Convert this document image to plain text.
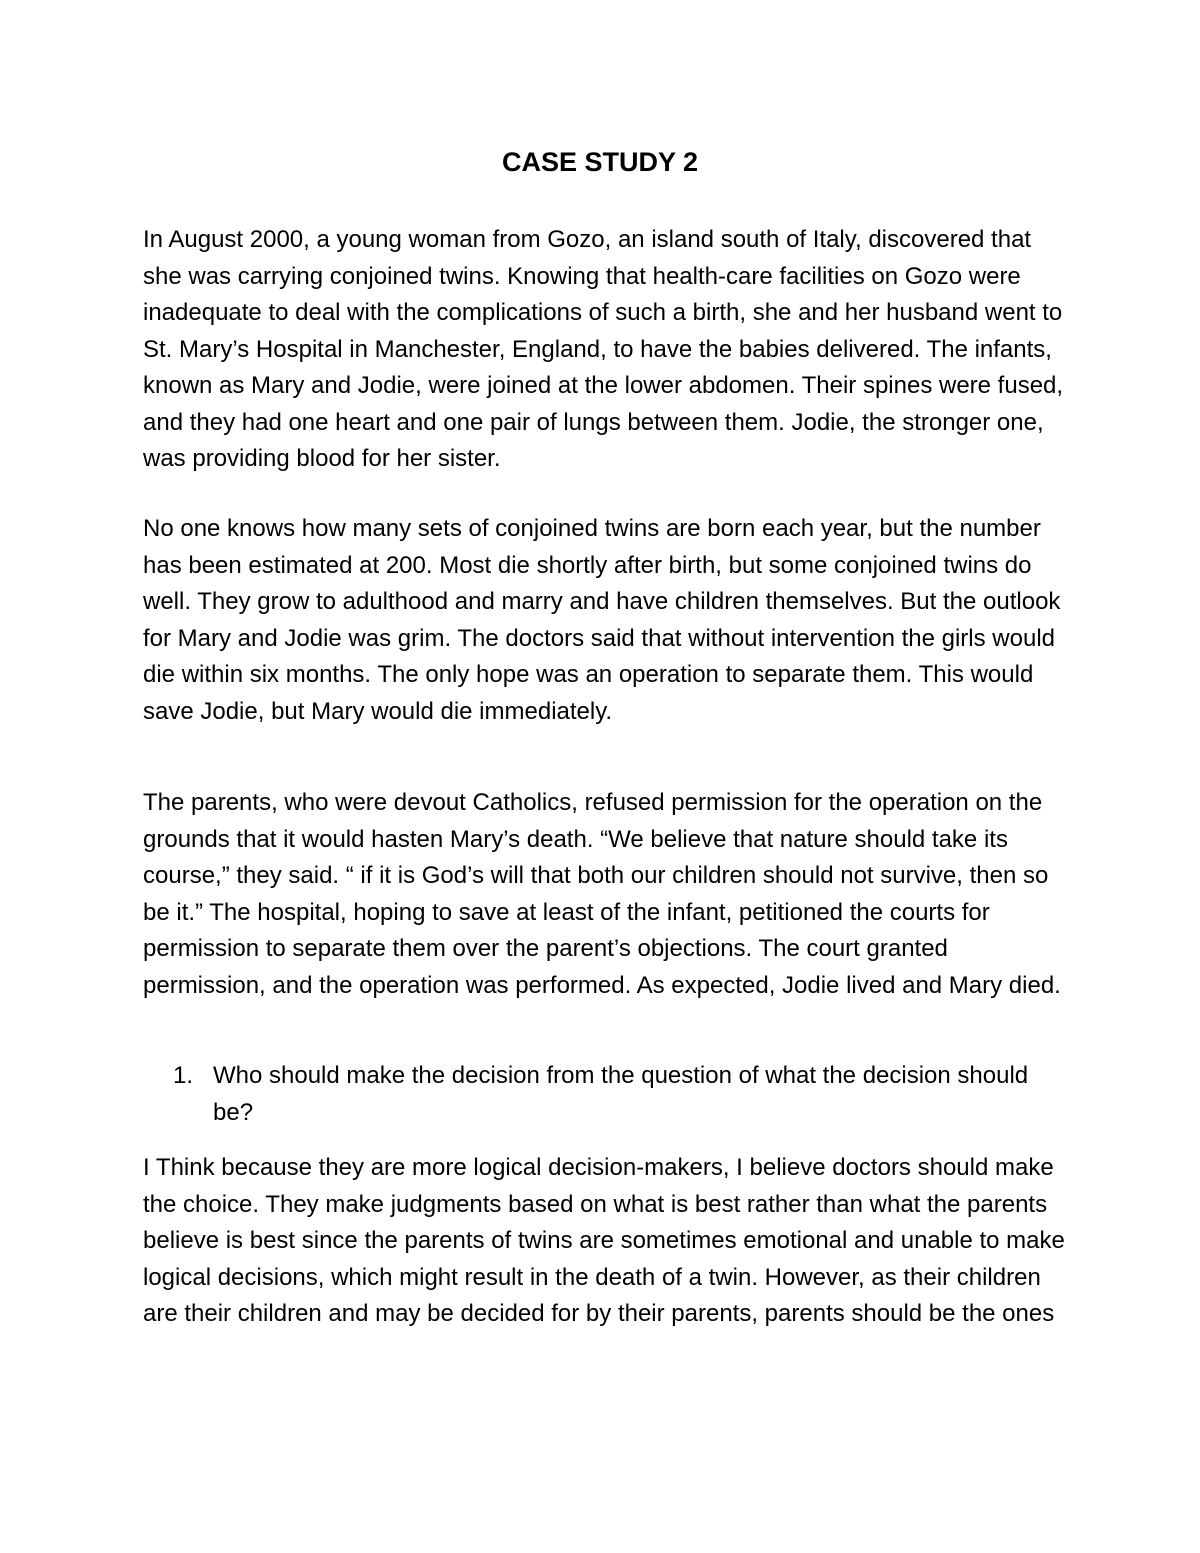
CASE STUDY 2

In August 2000, a young woman from Gozo, an island south of Italy, discovered that she was carrying conjoined twins. Knowing that health-care facilities on Gozo were inadequate to deal with the complications of such a birth, she and her husband went to St. Mary’s Hospital in Manchester, England, to have the babies delivered. The infants, known as Mary and Jodie, were joined at the lower abdomen. Their spines were fused, and they had one heart and one pair of lungs between them. Jodie, the stronger one, was providing blood for her sister.

No one knows how many sets of conjoined twins are born each year, but the number has been estimated at 200. Most die shortly after birth, but some conjoined twins do well. They grow to adulthood and marry and have children themselves. But the outlook for Mary and Jodie was grim. The doctors said that without intervention the girls would die within six months. The only hope was an operation to separate them. This would save Jodie, but Mary would die immediately.

The parents, who were devout Catholics, refused permission for the operation on the grounds that it would hasten Mary’s death. “We believe that nature should take its course,” they said. “ if it is God’s will that both our children should not survive, then so be it.” The hospital, hoping to save at least of the infant, petitioned the courts for permission to separate them over the parent’s objections. The court granted permission, and the operation was performed. As expected, Jodie lived and Mary died.

1. Who should make the decision from the question of what the decision should be?

I Think because they are more logical decision-makers, I believe doctors should make the choice. They make judgments based on what is best rather than what the parents believe is best since the parents of twins are sometimes emotional and unable to make logical decisions, which might result in the death of a twin. However, as their children are their children and may be decided for by their parents, parents should be the ones
